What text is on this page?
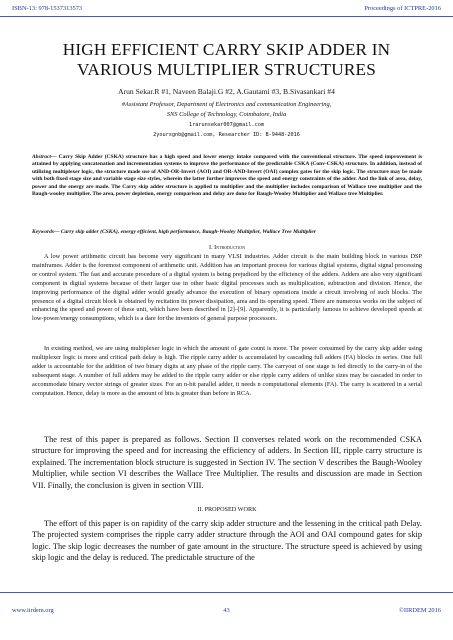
ISBN-13: 978-1537313573	Proceedings of ICTPRE-2016
HIGH EFFICIENT CARRY SKIP ADDER IN
VARIOUS MULTIPLIER STRUCTURES
Arun Sekar.R #1, Naveen Balaji.G #2, A.Gautami #3, B.Sivasankari #4
#Assistant Professor, Department of Electronics and communication Engineering,
SNS College of Technology, Coimbatore, India
1rarunsekar007@gmail.com
2yoursgnb@gmail.com, Researcher ID: B-9448-2016
Abstract— Carry Skip Adder (CSKA) structure has a high speed and lower energy intake compared with the conventional structure. The speed improvement is attained by applying concatenation and incrementation systems to improve the performance of the predictable CSKA (Conv-CSKA) structure. In addition, instead of utilizing multiplexer logic, the structure made use of AND-OR-Invert (AOI) and OR-AND-Invert (OAI) complex gates for the skip logic. The structure may be made with both fixed stage size and variable stage size styles, wherein the latter further improves the speed and energy constraints of the adder. And the link of area, delay, power and the energy are made. The Carry skip adder structure is applied to multiplier and the multiplier includes comparison of Wallace tree multiplier and the Baugh-wooley multiplier. The area, power depletion, energy comparison and delay are done for Baugh-Wooley Multiplier and Wallace tree Multiplier.
Keywords— Carry skip adder (CSKA), energy efficient, high performance, Baugh-Wooley Multiplier, Wallace Tree Multiplier
I. Introduction

A low power arithmetic circuit has become very significant in many VLSI industries. Adder circuit is the main building block in various DSP mainframes. Adder is the foremost component of arithmetic unit. Addition has an important process for various digital systems, digital signal processing or control system. The fast and accurate procedure of a digital system is being prejudiced by the efficiency of the adders. Adders are also very significant component in digital systems because of their larger use in other basic digital processes such as multiplication, subtraction and division. Hence, the improving performance of the digital adder would greatly advance the execution of binary operations inside a circuit involving of such blocks. The presence of a digital circuit block is obtained by recitation its power dissipation, area and its operating speed. There are numerous works on the subject of enhancing the speed and power of these unit, which have been described in [2]–[9]. Apparently, it is particularly famous to achieve developed speeds at low-power/energy consumptions, which is a dare for the inventors of general purpose processors.

In existing method, we are using multiplexer logic in which the amount of gate count is more. The power consumed by the carry skip adder using multiplexer logic is more and critical path delay is high. The ripple carry adder is accumulated by cascading full adders (FA) blocks in series. One full adder is accountable for the addition of two binary digits at any phase of the ripple carry. The carryout of one stage is fed directly to the carry-in of the subsequent stage. A number of full adders may be added to the ripple carry adder or else ripple carry adders of unlike sizes may be cascaded in order to accommodate binary vector strings of greater sizes. For an n-bit parallel adder, it needs n computational elements (FA). The carry is scattered in a serial computation. Hence, delay is more as the amount of bits is greater than before in RCA.

The rest of this paper is prepared as follows. Section II converses related work on the recommended CSKA structure for improving the speed and for increasing the efficiency of adders. In Section III, ripple carry structure is explained. The incrementation block structure is suggested in Section IV. The section V describes the Baugh-Wooley Multiplier, while section VI describes the Wallace Tree Multiplier. The results and discussion are made in Section VII. Finally, the conclusion is given in section VIII.

II. PROPOSED WORK

The effort of this paper is on rapidity of the carry skip adder structure and the lessening in the critical path Delay. The projected system comprises the ripple carry adder structure through the AOI and OAI compound gates for skip logic. The skip logic decreases the number of gate amount in the structure. The structure speed is achieved by using skip logic and the delay is reduced. The predictable structure of the

www.iirdem.org	43	©IIRDEM 2016
